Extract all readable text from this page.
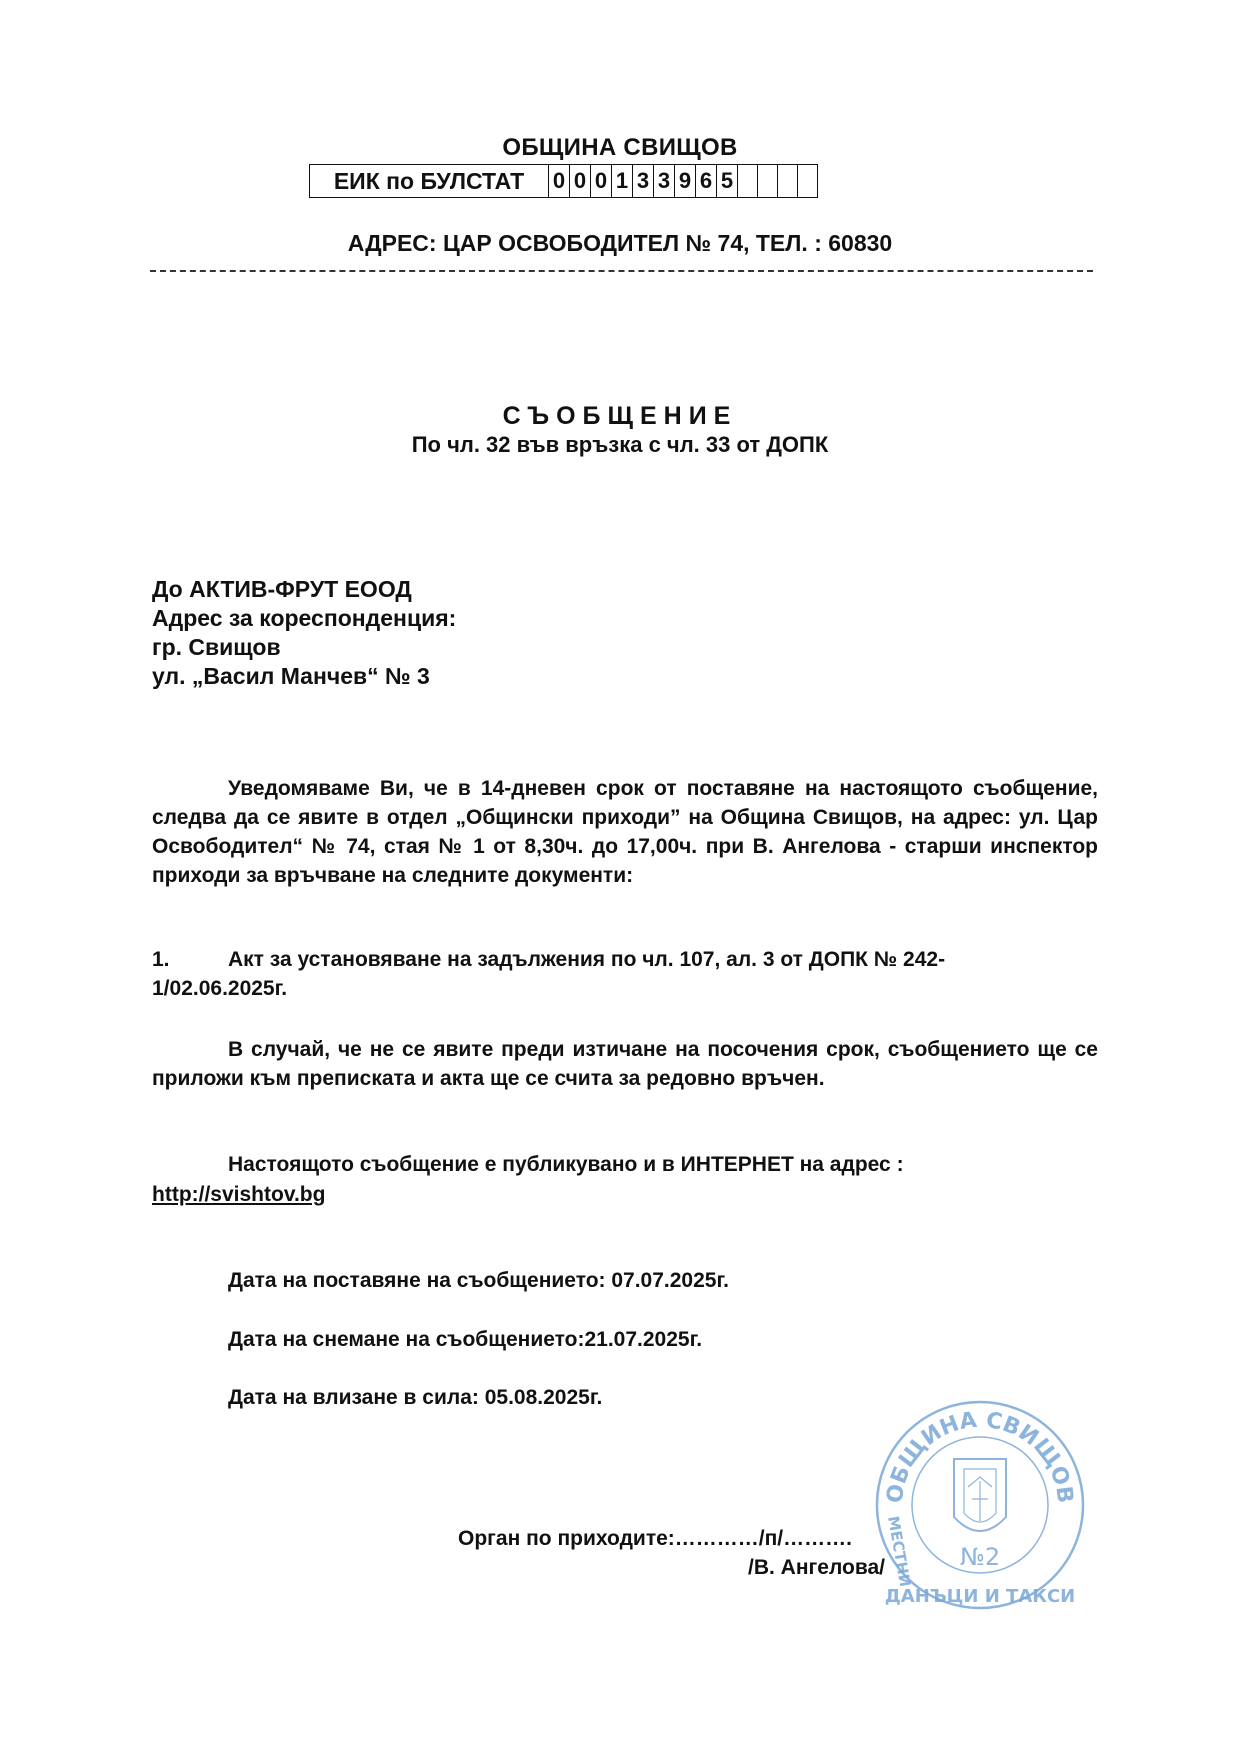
ОБЩИНА СВИЩОВ
ЕИК по БУЛСТАТ	0 0 0 1 3 3 9 6 5
АДРЕС: ЦАР ОСВОБОДИТЕЛ № 74, ТЕЛ. : 60830
СЪОБЩЕНИЕ
По чл. 32 във връзка с чл. 33 от ДОПК
До АКТИВ-ФРУТ ЕООД
Адрес за кореспонденция:
гр. Свищов
ул. „Васил Манчев“ № 3
Уведомяваме Ви, че в 14-дневен срок от поставяне на настоящото съобщение, следва да се явите в отдел „Общински приходи” на Община Свищов, на адрес: ул. Цар Освободител“ № 74, стая № 1 от 8,30ч. до 17,00ч. при В. Ангелова - старши инспектор приходи за връчване на следните документи:
1.	Акт за установяване на задължения по чл. 107, ал. 3 от ДОПК № 242-
1/02.06.2025г.
В случай, че не се явите преди изтичане на посочения срок, съобщението ще се приложи към преписката и акта ще се счита за редовно връчен.
Настоящото съобщение е публикувано и в ИНТЕРНЕТ на адрес :
http://svishtov.bg
Дата на поставяне на съобщението: 07.07.2025г.
Дата на снемане на съобщението:21.07.2025г.
Дата на влизане в сила: 05.08.2025г.
ОБЩИНА СВИЩОВ
№2
МЕСТНИ
ДАНЪЦИ И ТАКСИ
Орган по приходите:…………/п/……….
/В. Ангелова/
